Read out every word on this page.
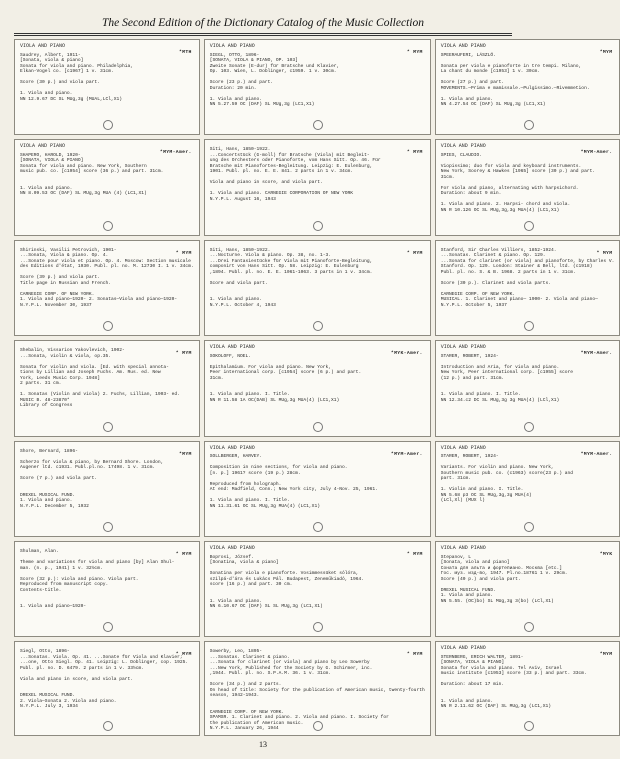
The Second Edition of the Dictionary Catalog of the Music Collection
VIOLA AND PIANO
*MTH
Saudrey, Albert, 1911-
[Sonata, viola & piano]
Sonata for viola and piano. Philadelphia,
Elkan-Vogel co. [c1967] 1 v. 31cm.
Score (30 p.) and viola part.
1. Viola and piano.
NN 12.9.67 DC SL MUg,3g (MUAL,LCl,X1)
VIOLA AND PIANO
* MYM
SIEGL, OTTO, 1896-
[SONATA, VIOLA & PIANO, OP. 103]
Zweite Sonate (E-dur) für Bratsche und Klavier,
Op. 103. Wien, L. Doblinger, c1959. 1 v. 30cm.
Score (23 p.) and part.
Duration: 20 min.
1. Viola and piano.
NN 5.27.59 OC (DAF) SL MUg,3g (LC1,X1)
VIOLA AND PIANO
*MYM
SPEERAUFERI, LÁSZLÓ.
Sonata per viola e pianoforte in tre tempi. Milano,
La chant du monde [c1953] 1 v. 30cm.
Score (27 p.) and part.
MOVEMENTS.—Prima e mamissale.—Pulgissimo.—Rivemmetion.
1. Viola and piano.
NN 4.27.54 OC (DAF) SL MUg,3g (LC1,X1)
VIOLA AND PIANO
*MYM-Amer.
SHAPERO, HAROLD, 1920-
[SONATA, VIOLA & PIANO]
Sonata for viola and piano. New York, Southern
music pub. co. [c1954] score (36 p.) and part. 31cm.
1. Viola and piano.
NN 8.09.53 OC (DAF) SL MUg,3g MUA (4) (LC1,X1)
* MYM
Siti, Hans, 1850-1922.
...Concertstück (G-moll) für Bratsche (Viola) mit Begleit-
ung des Orchesters oder Pianoforte, vom Hans Sitt. Op. 46. Für
Bratsche mit Pianofortes-Begleitung. Leipzig: E. Eulenburg,
1901. Publ. pl. no. E. E. 841. 2 parts in 1 v. 34cm.
Viola and piano in score, and viola part.
1. Viola and piano. CARNEGIE CORPORATION OF NEW YORK
N.Y.P.L. August 16, 1943
VIOLA AND PIANO
*MYM-Amer.
SPIES, CLAUDIO.
Viopissimo; duo for viola and keyboard instruments.
New York, Soorey & Hawkes [1965] score (30 p.) and part.
31cm.
For viola and piano, alternating with harpsichord.
Duration: about 9 min.
1. Viola and piano. 2. Harpsi- chord and viola.
NN R 10.126 OC SL MUg,3g,3g MUA(4) (LC1,X1)
* MYM
Shirinski, Vasilii Petrovich, 1901-
...Sonata, Viola & piano. Op. 4.
...Sonate pour viola et piano. Op. 4. Moscow: Section musicale
des Editions d'état, 1930. Publ. pl. no. M. 12730 I. 1 v. 34cm.
Score (39 p.) and viola part.
Title page in Russian and French.
CARNEGIE CORP. OF NEW YORK.
1. Viola and piano—1920- 2. Sonatas—Viola and piano—1920-
N.Y.P.L. November 30, 1937
* MYM
Siti, Hans, 1850-1922.
...Nocturne. Viola & piano. Op. 38, no. 1-3.
...Drei Fantasiestücke für Viola mit Pianoforte-Begleitung,
componirt von Hans Sitt. Op. 58. Leipzig: E. Eulenburg
,1894. Publ. pl. no. E. E. 1061-1063. 3 parts in 1 v. 34cm.
Score and viola part.
1. Viola and piano.
N.Y.P.L. October 4, 1943
* MYM
Stanford, Sir Charles Villiers, 1852-1924.
...Sonatas. Clarinet & piano. Op. 129.
...Sonata for clarinet (or viola) and pianoforte, by Charles V.
Stanford. Op. 129. London: Stainer & Bell, ltd. (c1918)
Publ. pl. no. S. & B. 1968. 2 parts in 1 v. 31cm.
Score (30 p.). Clarinet and viola parts.
CARNEGIE CORP. OF NEW YORK.
MUSICAL. 1. Clarinet and piano— 1900- 2. Viola and piano—
N.Y.P.L. October 5, 1937
* MYM
Shebalin, Vissarion Yakovlevich, 1902-
...Sonata, violin & viola, op.35.
Sonata for violin and viola. [Ed. with special annota-
tions by Lillian and Joseph Fuchs. Am. Rus. ed. New
York, Leeds Music Corp. 1948]
2 parts. 31 cm.
1. Sonatas (Violin and viola) 2. Fuchs, Lillian, 1903- ed.
MUSIC B. 48-23870*
Library of Congress
VIOLA AND PIANO
*MYK-Amer.
SOKOLOFF, NOEL.
Epithalamium. For viola and piano. New York,
Peer international corp. [c1954] score (6 p.) and part.
31cm.
1. Viola and piano. I. Title.
NN R 11.58 1A OC(DAB) SL MUg,3g MUA(4) (LC1,X1)
VIOLA AND PIANO
*MYM-Amer.
STARER, ROBERT, 1924-
Introduction and Aria, for viola and piano.
New York, Peer international corp. [c1955] score
(12 p.) and part. 31cm.
1. Viola and piano. I. Title.
NN 12.34.c2 DC SL MUg,3g 3g MUA(4) (LCl,X1)
*MYM
Shore, Bernard, 1896-
Scherzo for viola & piano, by Bernard Shore. London,
Augener ltd. c1931. Publ.pl.no. 17498. 1 v. 31cm.
Score (7 p.) and viola part.
DREXEL MUSICAL FUND.
1. Viola and piano.
N.Y.P.L. December 5, 1932
VIOLA AND PIANO
*MYM-Amer.
SOLLBERGER, HARVEY.
Composition in nine sections, for viola and piano.
[n. p.] 1961? score (19 p.) 28cm.
Reproduced from holograph.
At end: Madfield, Conn.; New York city, July 4-Nov. 25, 1961.
1. Viola and piano. I. Title.
NN 11.31.61 OC SL MUg,3g MUA(4) (LC1,X1)
VIOLA AND PIANO
*MYM-Amer.
STARER, ROBERT, 1924-
Variants. For violin and piano. New York,
Southern music pub. co. (c1963) score(23 p.) and
part. 31cm.
1. Violin and piano. I. Title.
NN 5.68 p3 OC SL MUg,3g,3g MUA(4)
(LCl,Xl) (MUX l)
* MYM
Shulman, Alan.
Theme and variations for viola and piano [by] Alan Shul-
man. (n. p., 1941) 1 v. 32½cm.
Score (32 p.): viola and piano. Viola part.
Reproduced from manuscript copy.
Contents-title.
1. Viola and piano—1920-
VIOLA AND PIANO
* MYM
Boprosi, József.
[Sonatina, viola & piano]
Sonatina per viola e pianoforte. Vosimmessüket sólóra,
szilpá-d'ára és Lukács Pál. Budapest, Zeneműkiadó, 1964.
score (16 p.) and part. 30 cm.
1. Viola and piano.
NN 6.10.67 OC (DAF) SL SL MUg,3g (LC1,X1)
VIOLA AND PIANO
*MYK
Stepanov, L
[Sonata, viola and piano]
Сонатa для альта и фортепиано. Москва [etc.]
Гос. муз. изд-во, 1947. Pl.no.18761 1 v. 29cm.
Score (40 p.) and viola part.
DREXEL MUSICAL FUND.
1. Viola and piano.
NN 5.55. (OC)bo) SL MUg,3g 3(bo) (LCl,X1)
* MYM
Siegl, Otto, 1896-
...Sonatas. Viola. Op. 41. ...Sonate für Viola und Klavier;
...one, Otto Siegl. Op. 41. Leipzig: L. Doblinger, cop. 1925.
Publ. pl. no. D. 6479. 2 parts in 1 v. 33½cm.
Viola and piano in score, and viola part.
DREXEL MUSICAL FUND.
2. Viola—Sonata 2. Viola and piano.
N.Y.P.L. July 3, 1934
* MYM
Sowerby, Leo, 1895-
...Sonatas. Clarinet & piano.
...Sonata for clarinet (or viola) and piano by Leo Sowerby
...New York, Published for the Society by G. Schirmer, inc.
,1944. Publ. pl. no. S.P.A.M. 36. 1 v. 31cm.
Score (34 p.) and 2 parts.
On head of title: Society for the publication of American music, twenty-fourth
season, 1942-1943.
CARNEGIE CORP. OF NEW YORK.
SPAMSR. 1. Clarinet and piano. 2. Viola and piano. I. Society for
the publication of American music.
N.Y.P.L. January 26, 1944
VIOLA AND PIANO
*MYM
STERNBERG, ERICH WALTER, 1891-
[SONATA, VIOLA & PIANO]
Sonata for viola and piano. Tel Aviv, Israel
music institute [c1953] score (33 p.) and part. 33cm.
Duration: about 17 min.
1. Viola and piano.
NN R 2.11.62 OC (DAF) SL MUg,3g (LC1,X1)
13
